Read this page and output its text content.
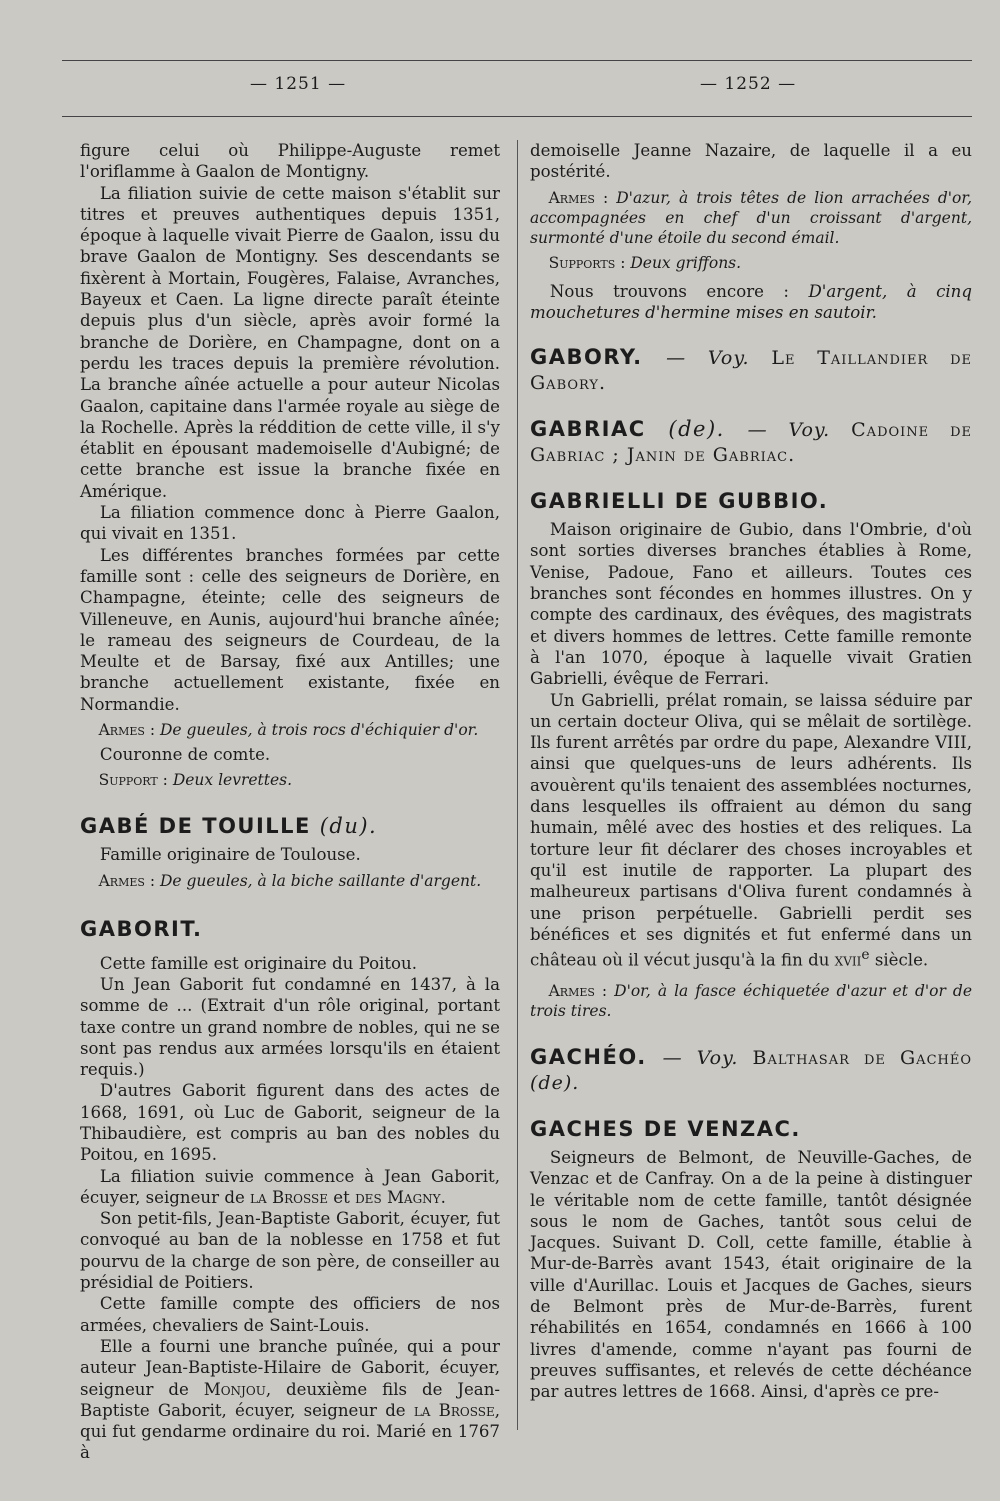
— 1251 —	— 1252 —

figure celui où Philippe-Auguste remet l'oriflamme à Gaalon de Montigny.

La filiation suivie de cette maison s'établit sur titres et preuves authentiques depuis 1351, époque à laquelle vivait Pierre de Gaalon, issu du brave Gaalon de Montigny. Ses descendants se fixèrent à Mortain, Fougères, Falaise, Avranches, Bayeux et Caen. La ligne directe paraît éteinte depuis plus d'un siècle, après avoir formé la branche de Dorière, en Champagne, dont on a perdu les traces depuis la première révolution. La branche aînée actuelle a pour auteur Nicolas Gaalon, capitaine dans l'armée royale au siège de la Rochelle. Après la réddition de cette ville, il s'y établit en épousant mademoiselle d'Aubigné; de cette branche est issue la branche fixée en Amérique.

La filiation commence donc à Pierre Gaalon, qui vivait en 1351.

Les différentes branches formées par cette famille sont : celle des seigneurs de Dorière, en Champagne, éteinte; celle des seigneurs de Villeneuve, en Aunis, aujourd'hui branche aînée; le rameau des seigneurs de Courdeau, de la Meulte et de Barsay, fixé aux Antilles; une branche actuellement existante, fixée en Normandie.

Armes : De gueules, à trois rocs d'échiquier d'or.

Couronne de comte.

Support : Deux levrettes.

GABÉ DE TOUILLE (du).

Famille originaire de Toulouse.

Armes : De gueules, à la biche saillante d'argent.

GABORIT.

Cette famille est originaire du Poitou.

Un Jean Gaborit fut condamné en 1437, à la somme de ... (Extrait d'un rôle original, portant taxe contre un grand nombre de nobles, qui ne se sont pas rendus aux armées lorsqu'ils en étaient requis.)

D'autres Gaborit figurent dans des actes de 1668, 1691, où Luc de Gaborit, seigneur de la Thibaudière, est compris au ban des nobles du Poitou, en 1695.

La filiation suivie commence à Jean Gaborit, écuyer, seigneur de la Brosse et des Magny.

Son petit-fils, Jean-Baptiste Gaborit, écuyer, fut convoqué au ban de la noblesse en 1758 et fut pourvu de la charge de son père, de conseiller au présidial de Poitiers.

Cette famille compte des officiers de nos armées, chevaliers de Saint-Louis.

Elle a fourni une branche puînée, qui a pour auteur Jean-Baptiste-Hilaire de Gaborit, écuyer, seigneur de Monjou, deuxième fils de Jean-Baptiste Gaborit, écuyer, seigneur de la Brosse, qui fut gendarme ordinaire du roi. Marié en 1767 à

demoiselle Jeanne Nazaire, de laquelle il a eu postérité.

Armes : D'azur, à trois têtes de lion arrachées d'or, accompagnées en chef d'un croissant d'argent, surmonté d'une étoile du second émail.

Supports : Deux griffons.

Nous trouvons encore : D'argent, à cinq mouchetures d'hermine mises en sautoir.

GABORY. — Voy. Le Taillandier de Gabory.
GABRIAC (de). — Voy. Cadoine de Gabriac ; Janin de Gabriac.
GABRIELLI DE GUBBIO.

Maison originaire de Gubio, dans l'Ombrie, d'où sont sorties diverses branches établies à Rome, Venise, Padoue, Fano et ailleurs. Toutes ces branches sont fécondes en hommes illustres. On y compte des cardinaux, des évêques, des magistrats et divers hommes de lettres. Cette famille remonte à l'an 1070, époque à laquelle vivait Gratien Gabrielli, évêque de Ferrari.

Un Gabrielli, prélat romain, se laissa séduire par un certain docteur Oliva, qui se mêlait de sortilège. Ils furent arrêtés par ordre du pape, Alexandre VIII, ainsi que quelques-uns de leurs adhérents. Ils avouèrent qu'ils tenaient des assemblées nocturnes, dans lesquelles ils offraient au démon du sang humain, mêlé avec des hosties et des reliques. La torture leur fit déclarer des choses incroyables et qu'il est inutile de rapporter. La plupart des malheureux partisans d'Oliva furent condamnés à une prison perpétuelle. Gabrielli perdit ses bénéfices et ses dignités et fut enfermé dans un château où il vécut jusqu'à la fin du xvii$^e$ siècle.

Armes : D'or, à la fasce échiquetée d'azur et d'or de trois tires.

GACHÉO. — Voy. Balthasar de Gachéo (de).
GACHES DE VENZAC.

Seigneurs de Belmont, de Neuville-Gaches, de Venzac et de Canfray. On a de la peine à distinguer le véritable nom de cette famille, tantôt désignée sous le nom de Gaches, tantôt sous celui de Jacques. Suivant D. Coll, cette famille, établie à Mur-de-Barrès avant 1543, était originaire de la ville d'Aurillac. Louis et Jacques de Gaches, sieurs de Belmont près de Mur-de-Barrès, furent réhabilités en 1654, condamnés en 1666 à 100 livres d'amende, comme n'ayant pas fourni de preuves suffisantes, et relevés de cette déchéance par autres lettres de 1668. Ainsi, d'après ce pre-
